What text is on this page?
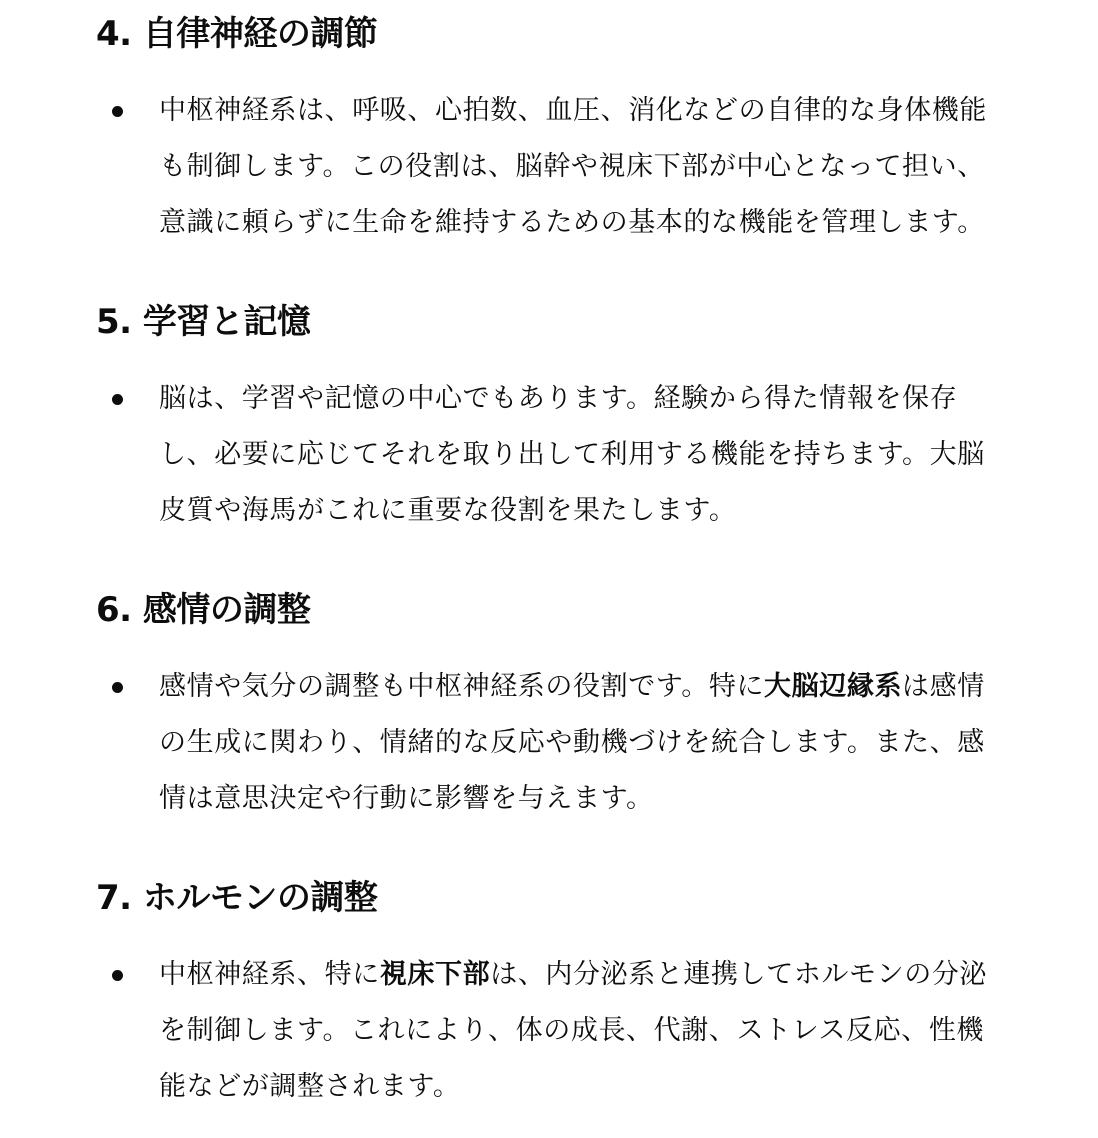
4. 自律神経の調節

中枢神経系は、呼吸、心拍数、血圧、消化などの自律的な身体機能
も制御します。この役割は、脳幹や視床下部が中心となって担い、
意識に頼らずに生命を維持するための基本的な機能を管理します。

5. 学習と記憶

脳は、学習や記憶の中心でもあります。経験から得た情報を保存
し、必要に応じてそれを取り出して利用する機能を持ちます。大脳
皮質や海馬がこれに重要な役割を果たします。

6. 感情の調整

感情や気分の調整も中枢神経系の役割です。特に大脳辺縁系は感情
の生成に関わり、情緒的な反応や動機づけを統合します。また、感
情は意思決定や行動に影響を与えます。

7. ホルモンの調整

中枢神経系、特に視床下部は、内分泌系と連携してホルモンの分泌
を制御します。これにより、体の成長、代謝、ストレス反応、性機
能などが調整されます。
